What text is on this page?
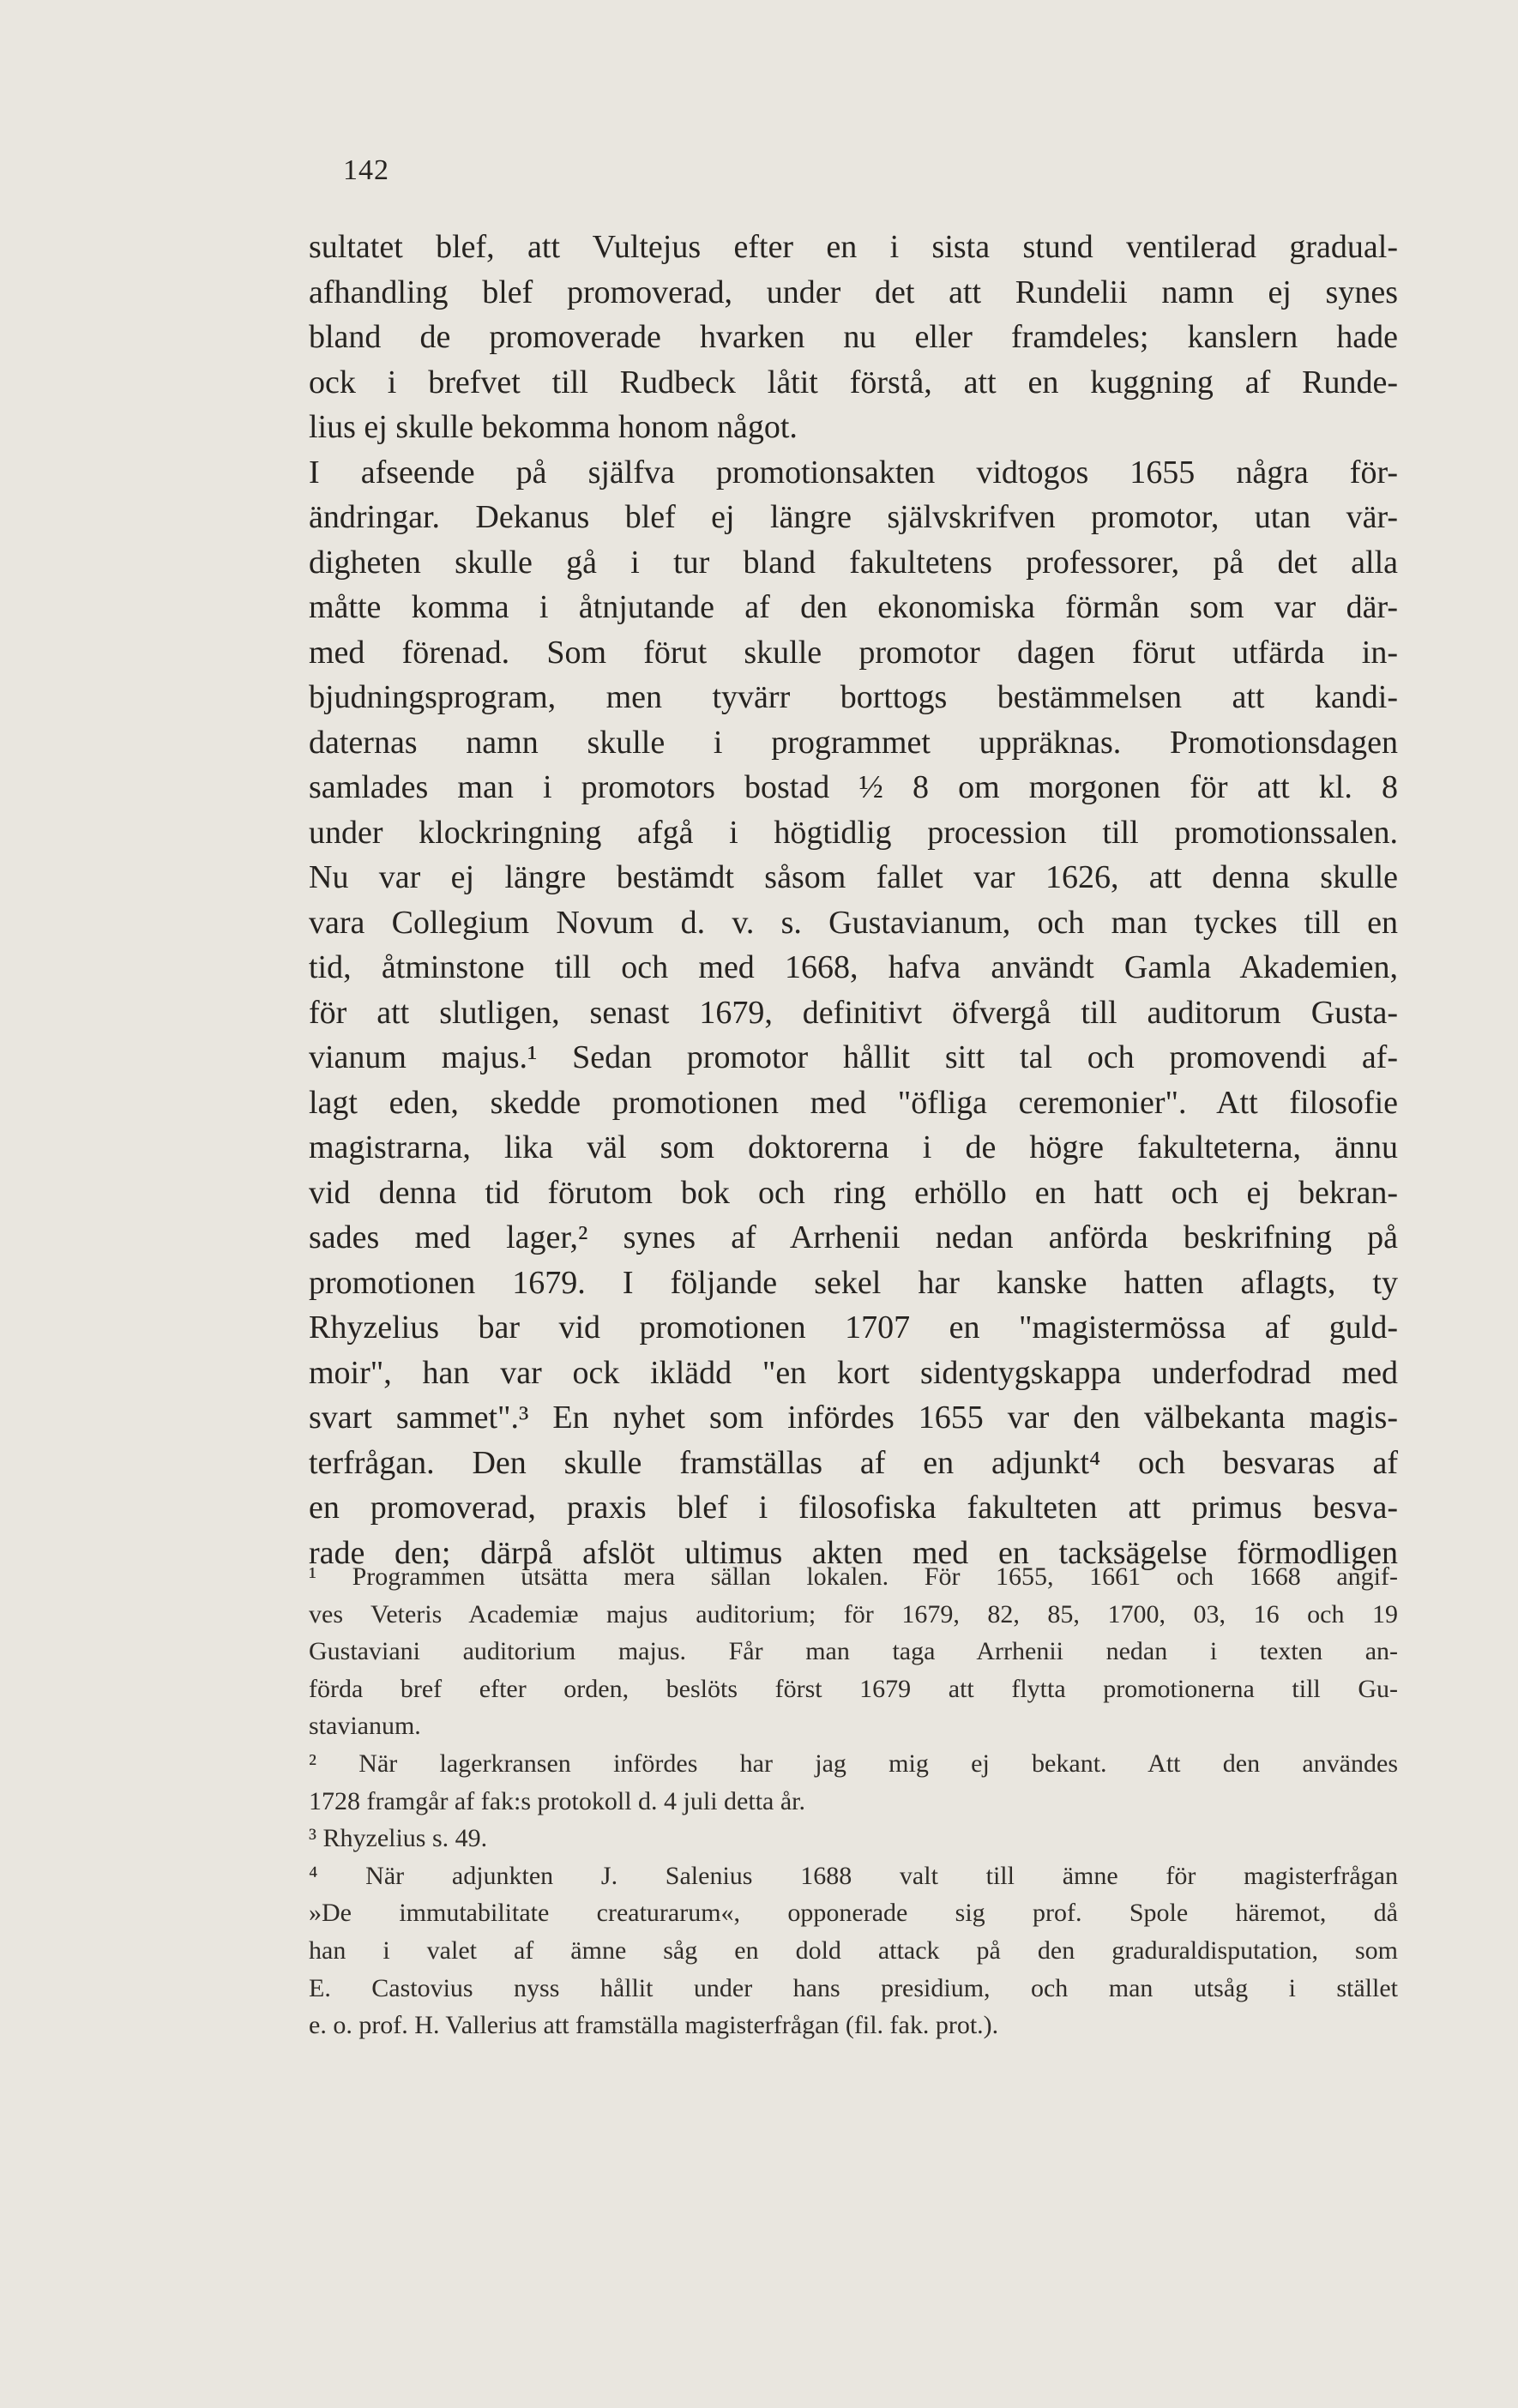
142
sultatet blef, att Vultejus efter en i sista stund ventilerad gradual-
afhandling blef promoverad, under det att Rundelii namn ej synes
bland de promoverade hvarken nu eller framdeles; kanslern hade
ock i brefvet till Rudbeck låtit förstå, att en kuggning af Runde-
lius ej skulle bekomma honom något.
I afseende på själfva promotionsakten vidtogos 1655 några för-
ändringar. Dekanus blef ej längre självskrifven promotor, utan vär-
digheten skulle gå i tur bland fakultetens professorer, på det alla
måtte komma i åtnjutande af den ekonomiska förmån som var där-
med förenad. Som förut skulle promotor dagen förut utfärda in-
bjudningsprogram, men tyvärr borttogs bestämmelsen att kandi-
daternas namn skulle i programmet uppräknas. Promotionsdagen
samlades man i promotors bostad ½ 8 om morgonen för att kl. 8
under klockringning afgå i högtidlig procession till promotionssalen.
Nu var ej längre bestämdt såsom fallet var 1626, att denna skulle
vara Collegium Novum d. v. s. Gustavianum, och man tyckes till en
tid, åtminstone till och med 1668, hafva användt Gamla Akademien,
för att slutligen, senast 1679, definitivt öfvergå till auditorum Gusta-
vianum majus.¹ Sedan promotor hållit sitt tal och promovendi af-
lagt eden, skedde promotionen med "öfliga ceremonier". Att filosofie
magistrarna, lika väl som doktorerna i de högre fakulteterna, ännu
vid denna tid förutom bok och ring erhöllo en hatt och ej bekran-
sades med lager,² synes af Arrhenii nedan anförda beskrifning på
promotionen 1679. I följande sekel har kanske hatten aflagts, ty
Rhyzelius bar vid promotionen 1707 en "magistermössa af guld-
moir", han var ock iklädd "en kort sidentygskappa underfodrad med
svart sammet".³ En nyhet som infördes 1655 var den välbekanta magis-
terfrågan. Den skulle framställas af en adjunkt⁴ och besvaras af
en promoverad, praxis blef i filosofiska fakulteten att primus besva-
rade den; därpå afslöt ultimus akten med en tacksägelse förmodligen
¹ Programmen utsätta mera sällan lokalen. För 1655, 1661 och 1668 angif-
ves Veteris Academiæ majus auditorium; för 1679, 82, 85, 1700, 03, 16 och 19
Gustaviani auditorium majus. Får man taga Arrhenii nedan i texten an-
förda bref efter orden, beslöts först 1679 att flytta promotionerna till Gu-
stavianum.
² När lagerkransen infördes har jag mig ej bekant. Att den användes
1728 framgår af fak:s protokoll d. 4 juli detta år.
³ Rhyzelius s. 49.
⁴ När adjunkten J. Salenius 1688 valt till ämne för magisterfrågan
»De immutabilitate creaturarum«, opponerade sig prof. Spole häremot, då
han i valet af ämne såg en dold attack på den graduraldisputation, som
E. Castovius nyss hållit under hans presidium, och man utsåg i stället
e. o. prof. H. Vallerius att framställa magisterfrågan (fil. fak. prot.).
